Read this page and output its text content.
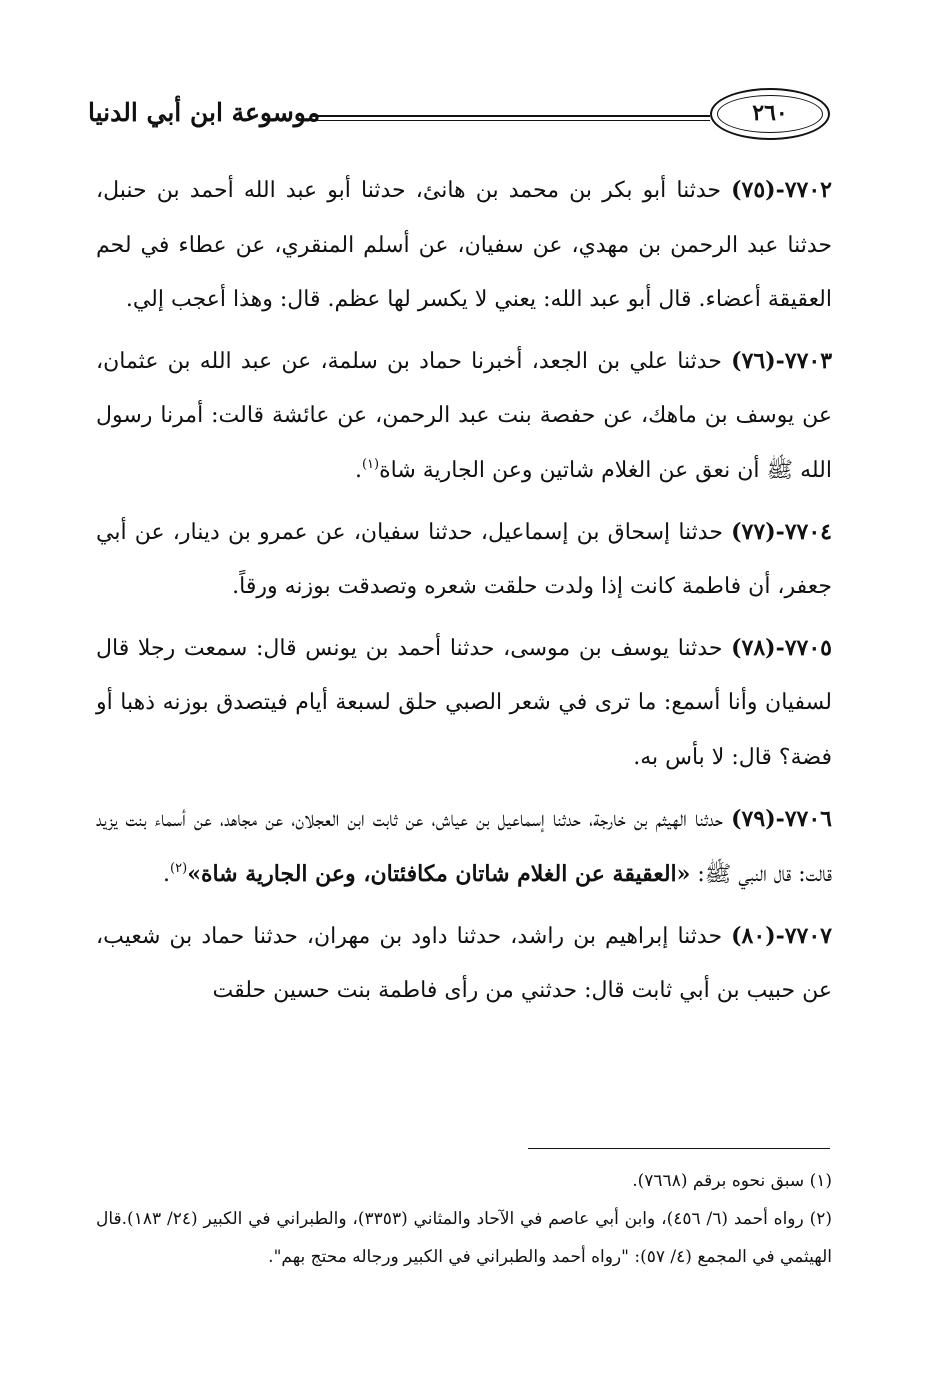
موسوعة ابن أبي الدنيا	٢٦٠

٧٧٠٢-(٧٥) حدثنا أبو بكر بن محمد بن هانئ، حدثنا أبو عبد الله أحمد بن حنبل، حدثنا عبد الرحمن بن مهدي، عن سفيان، عن أسلم المنقري، عن عطاء في لحم العقيقة أعضاء. قال أبو عبد الله: يعني لا يكسر لها عظم. قال: وهذا أعجب إلي.

٧٧٠٣-(٧٦) حدثنا علي بن الجعد، أخبرنا حماد بن سلمة، عن عبد الله بن عثمان، عن يوسف بن ماهك، عن حفصة بنت عبد الرحمن، عن عائشة قالت: أمرنا رسول الله ﷺ أن نعق عن الغلام شاتين وعن الجارية شاة$^{(١)}$.

٧٧٠٤-(٧٧) حدثنا إسحاق بن إسماعيل، حدثنا سفيان، عن عمرو بن دينار، عن أبي جعفر، أن فاطمة كانت إذا ولدت حلقت شعره وتصدقت بوزنه ورقاً.

٧٧٠٥-(٧٨) حدثنا يوسف بن موسى، حدثنا أحمد بن يونس قال: سمعت رجلا قال لسفيان وأنا أسمع: ما ترى في شعر الصبي حلق لسبعة أيام فيتصدق بوزنه ذهبا أو فضة؟ قال: لا بأس به.

٧٧٠٦-(٧٩) حدثنا الهيثم بن خارجة، حدثنا إسماعيل بن عياش، عن ثابت ابن العجلان، عن مجاهد، عن أسماء بنت يزيد قالت: قال النبي ﷺ: «العقيقة عن الغلام شاتان مكافئتان، وعن الجارية شاة»$^{(٢)}$.

٧٧٠٧-(٨٠) حدثنا إبراهيم بن راشد، حدثنا داود بن مهران، حدثنا حماد بن شعيب، عن حبيب بن أبي ثابت قال: حدثني من رأى فاطمة بنت حسين حلقت

(١) سبق نحوه برقم (٧٦٦٨).

(٢) رواه أحمد (٦/ ٤٥٦)، وابن أبي عاصم في الآحاد والمثاني (٣٣٥٣)، والطبراني في الكبير (٢٤/ ١٨٣).قال الهيثمي في المجمع (٤/ ٥٧): "رواه أحمد والطبراني في الكبير ورجاله محتج بهم".
